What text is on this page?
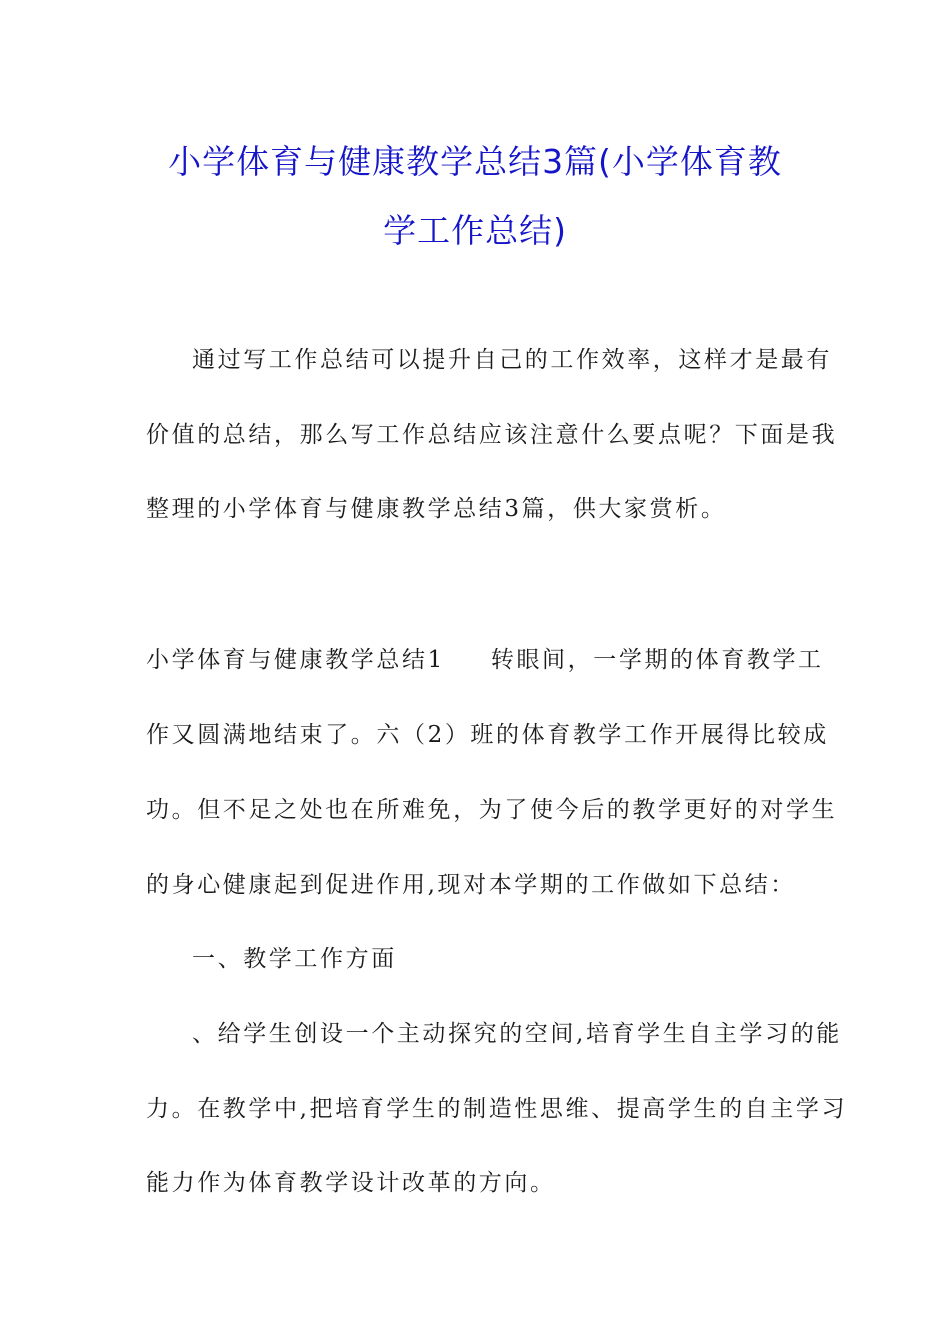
小学体育与健康教学总结3篇(小学体育教
学工作总结)

通过写工作总结可以提升自己的工作效率，这样才是最有

价值的总结，那么写工作总结应该注意什么要点呢？下面是我

整理的小学体育与健康教学总结3篇，供大家赏析。

小学体育与健康教学总结1 转眼间，一学期的体育教学工

作又圆满地结束了。六（2）班的体育教学工作开展得比较成

功。但不足之处也在所难免，为了使今后的教学更好的对学生

的身心健康起到促进作用,现对本学期的工作做如下总结：

一、教学工作方面

、给学生创设一个主动探究的空间,培育学生自主学习的能

力。在教学中,把培育学生的制造性思维、提高学生的自主学习

能力作为体育教学设计改革的方向。
